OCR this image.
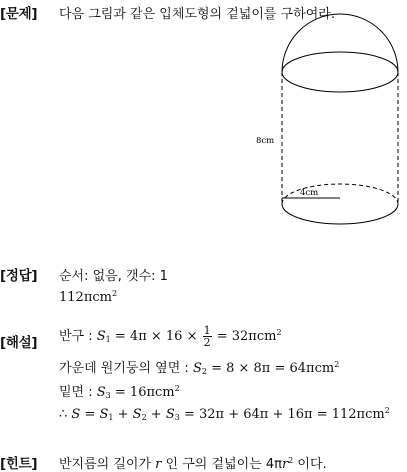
[문제] 다음 그림과 같은 입체도형의 겉넓이를 구하여라.
8cm
4cm
[정답] 순서: 없음, 갯수: 1
112πcm$^2$
[해설] 반구 : $S_1 = 4\pi \times 16 \times \frac{1}{2} = 32\pi cm^2$
가운데 원기둥의 옆면 : $S_2 = 8 \times 8\pi = 64\pi cm^2$
밑면 : $S_3 = 16\pi cm^2$
∴ $S = S_1 + S_2 + S_3 = 32\pi + 64\pi + 16\pi = 112\pi cm^2$
[힌트] 반지름의 길이가 r 인 구의 겉넓이는 $4\pi r^2$ 이다.
